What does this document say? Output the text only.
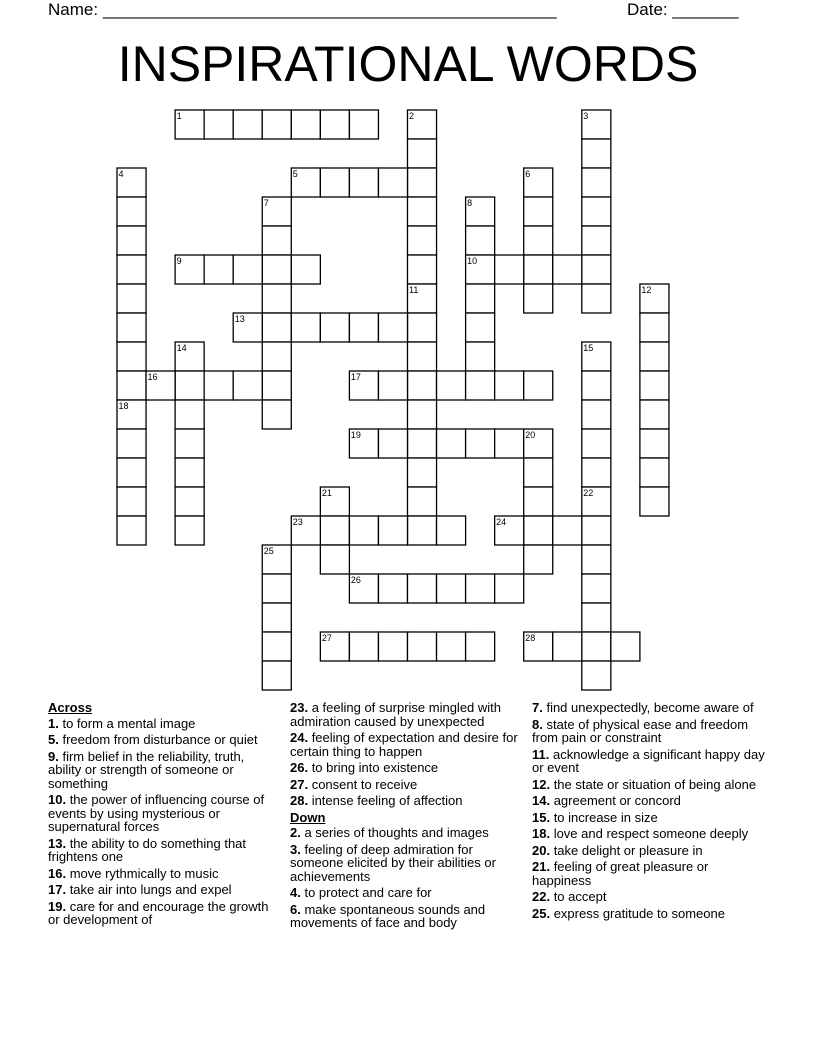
Name: ________________________________________________	Date: _______
INSPIRATIONAL WORDS
1	2	3
4	5	6
7	8
9	10
11	12
13
14	15
16	17
18
19	20
21	22
23	24
25
26
27	28
Across
1. to form a mental image
5. freedom from disturbance or quiet
9. firm belief in the reliability, truth, ability or strength of someone or something
10. the power of influencing course of events by using mysterious or supernatural forces
13. the ability to do something that frightens one
16. move rythmically to music
17. take air into lungs and expel
19. care for and encourage the growth or development of
23. a feeling of surprise mingled with admiration caused by unexpected
24. feeling of expectation and desire for certain thing to happen
26. to bring into existence
27. consent to receive
28. intense feeling of affection
Down
2. a series of thoughts and images
3. feeling of deep admiration for someone elicited by their abilities or achievements
4. to protect and care for
6. make spontaneous sounds and movements of face and body
7. find unexpectedly, become aware of
8. state of physical ease and freedom from pain or constraint
11. acknowledge a significant happy day or event
12. the state or situation of being alone
14. agreement or concord
15. to increase in size
18. love and respect someone deeply
20. take delight or pleasure in
21. feeling of great pleasure or happiness
22. to accept
25. express gratitude to someone
